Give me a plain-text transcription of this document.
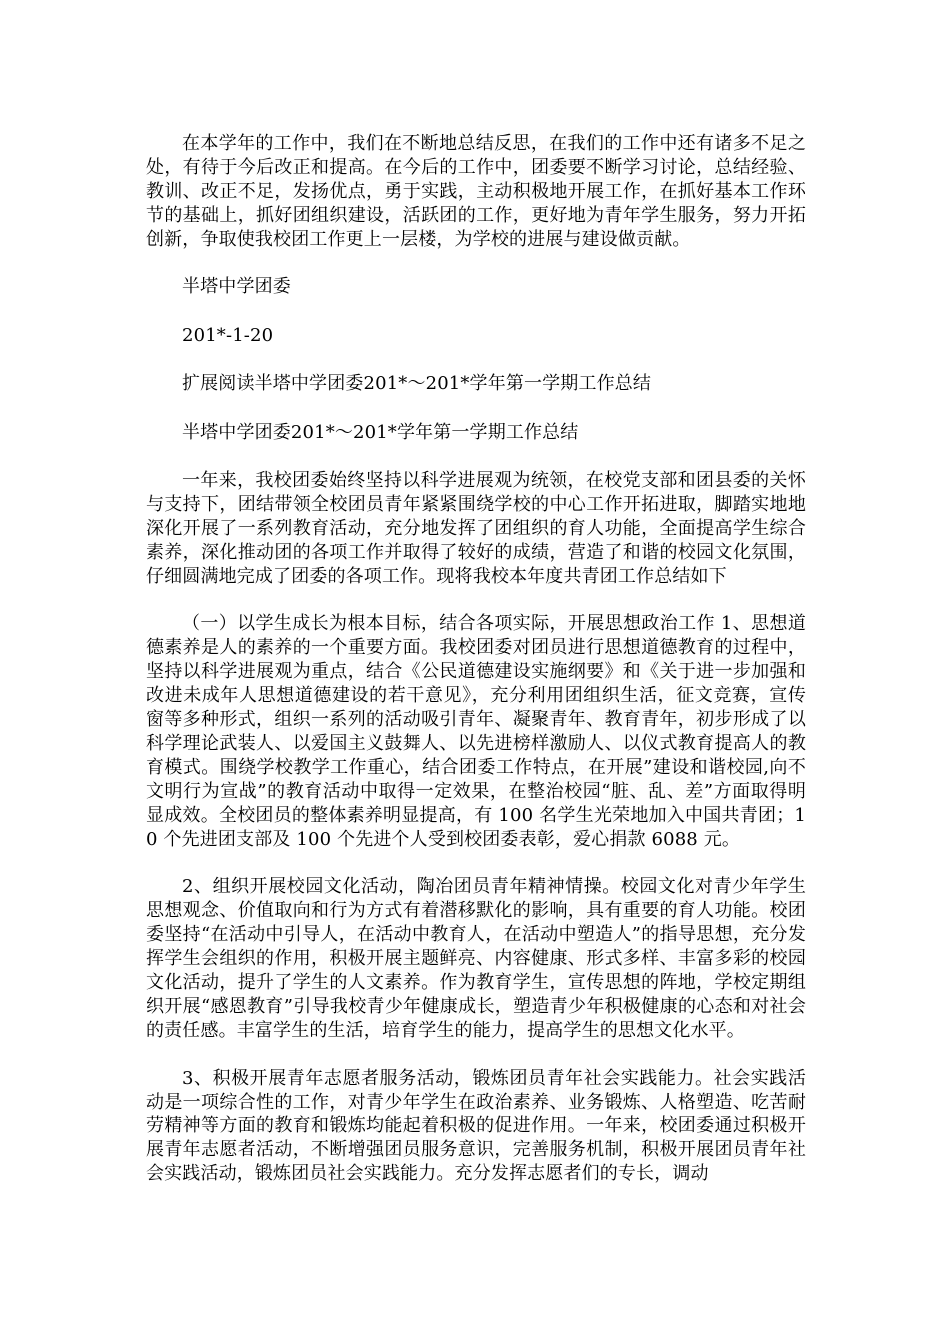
在本学年的工作中，我们在不断地总结反思，在我们的工作中还有诸多不足之处，有待于今后改正和提高。在今后的工作中，团委要不断学习讨论，总结经验、教训、改正不足，发扬优点，勇于实践，主动积极地开展工作，在抓好基本工作环节的基础上，抓好团组织建设，活跃团的工作，更好地为青年学生服务，努力开拓创新，争取使我校团工作更上一层楼，为学校的进展与建设做贡献。

半塔中学团委

201*-1-20

扩展阅读半塔中学团委201*～201*学年第一学期工作总结

半塔中学团委201*～201*学年第一学期工作总结

一年来，我校团委始终坚持以科学进展观为统领，在校党支部和团县委的关怀与支持下，团结带领全校团员青年紧紧围绕学校的中心工作开拓进取，脚踏实地地深化开展了一系列教育活动，充分地发挥了团组织的育人功能，全面提高学生综合素养，深化推动团的各项工作并取得了较好的成绩，营造了和谐的校园文化氛围，仔细圆满地完成了团委的各项工作。现将我校本年度共青团工作总结如下

（一）以学生成长为根本目标，结合各项实际，开展思想政治工作 1、思想道德素养是人的素养的一个重要方面。我校团委对团员进行思想道德教育的过程中，坚持以科学进展观为重点，结合《公民道德建设实施纲要》和《关于进一步加强和改进未成年人思想道德建设的若干意见》，充分利用团组织生活，征文竞赛，宣传窗等多种形式，组织一系列的活动吸引青年、凝聚青年、教育青年，初步形成了以科学理论武装人、以爱国主义鼓舞人、以先进榜样激励人、以仪式教育提高人的教育模式。围绕学校教学工作重心，结合团委工作特点，在开展”建设和谐校园,向不文明行为宣战”的教育活动中取得一定效果，在整治校园“脏、乱、差”方面取得明显成效。全校团员的整体素养明显提高，有 100 名学生光荣地加入中国共青团；10 个先进团支部及 100 个先进个人受到校团委表彰，爱心捐款 6088 元。

2、组织开展校园文化活动，陶冶团员青年精神情操。校园文化对青少年学生思想观念、价值取向和行为方式有着潜移默化的影响，具有重要的育人功能。校团委坚持“在活动中引导人，在活动中教育人，在活动中塑造人”的指导思想，充分发挥学生会组织的作用，积极开展主题鲜亮、内容健康、形式多样、丰富多彩的校园文化活动，提升了学生的人文素养。作为教育学生，宣传思想的阵地，学校定期组织开展“感恩教育”引导我校青少年健康成长，塑造青少年积极健康的心态和对社会的责任感。丰富学生的生活，培育学生的能力，提高学生的思想文化水平。

3、积极开展青年志愿者服务活动，锻炼团员青年社会实践能力。社会实践活动是一项综合性的工作，对青少年学生在政治素养、业务锻炼、人格塑造、吃苦耐劳精神等方面的教育和锻炼均能起着积极的促进作用。一年来，校团委通过积极开展青年志愿者活动，不断增强团员服务意识，完善服务机制，积极开展团员青年社会实践活动，锻炼团员社会实践能力。充分发挥志愿者们的专长，调动
